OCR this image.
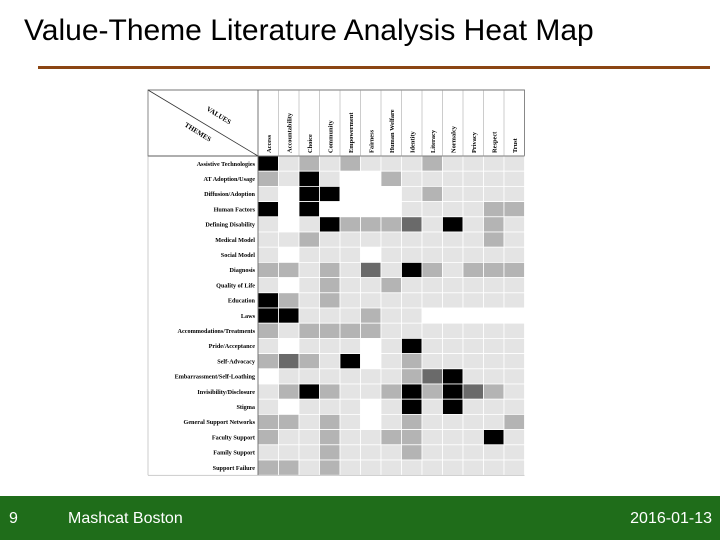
Value-Theme Literature Analysis Heat Map
VALUES
THEMES
Access Accountability Choice Community Empowerment Fairness Human Welfare Identity Literacy Normalcy Privacy Respect Trust
Assistive Technologies
AT Adoption/Usage
Diffusion/Adoption
Human Factors
Defining Disability
Medical Model
Social Model
Diagnosis
Quality of Life
Education
Laws
Accommodations/Treatments
Pride/Acceptance
Self-Advocacy
Embarrassment/Self-Loathing
Invisibility/Disclosure
Stigma
General Support Networks
Faculty Support
Family Support
Support Failure
9	Mashcat Boston	2016-01-13
